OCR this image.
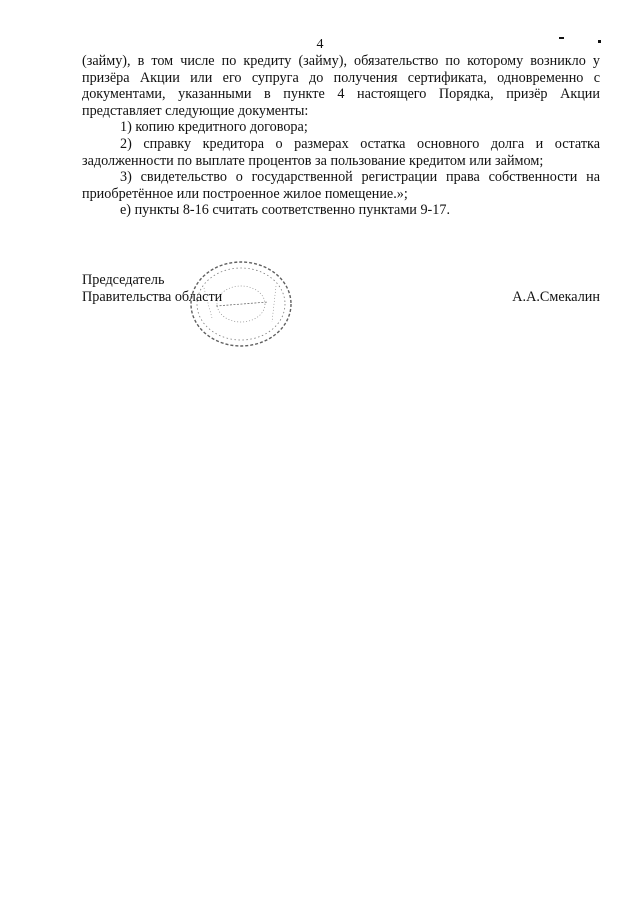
4

(займу), в том числе по кредиту (займу), обязательство по которому возникло у призёра Акции или его супруга до получения сертификата, одновременно с документами, указанными в пункте 4 настоящего Порядка, призёр Акции представляет следующие документы:

1) копию кредитного договора;

2) справку кредитора о размерах остатка основного долга и остатка задолженности по выплате процентов за пользование кредитом или займом;

3) свидетельство о государственной регистрации права собственности на приобретённое или построенное жилое помещение.»;

е) пункты 8-16 считать соответственно пунктами 9-17.

Председатель
Правительства области	А.А.Смекалин
